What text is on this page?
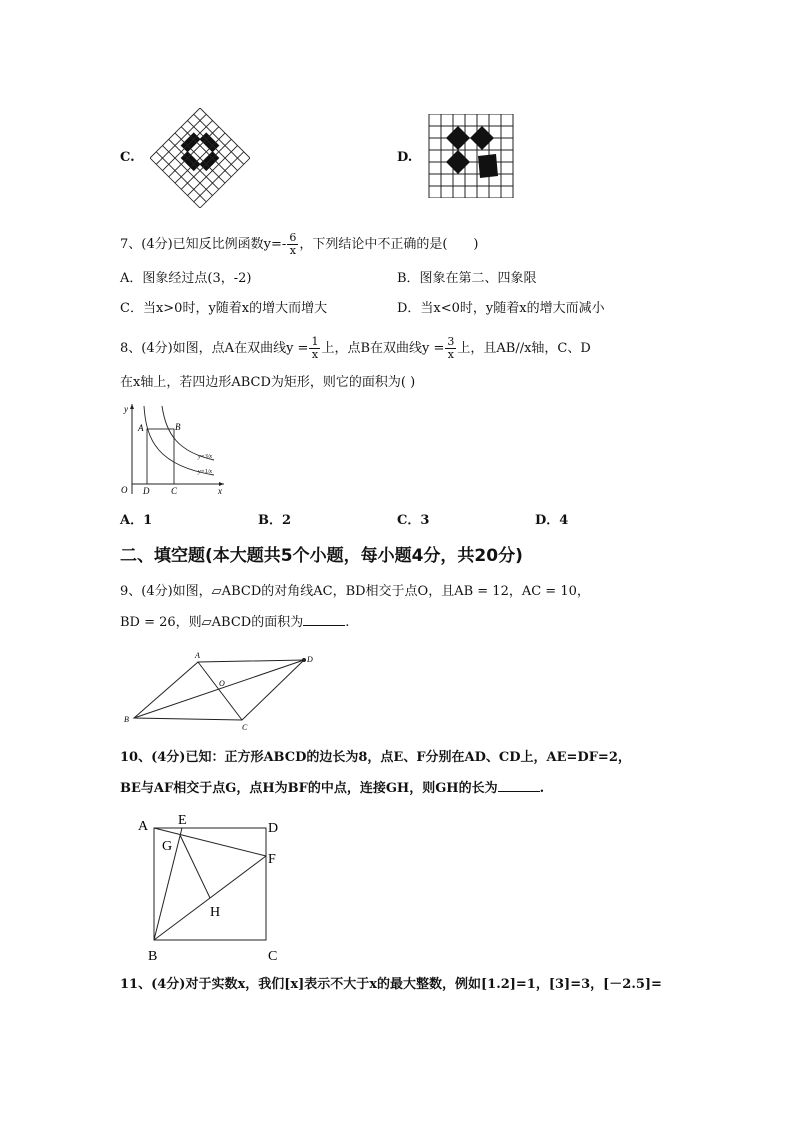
C.	D.
7、(4分)已知反比例函数$y=- \frac{6}{x}$ ，下列结论中不正确的是(　　)
A．图象经过点(3，-2)	B．图象在第二、四象限
C．当x>0时，y随着x的增大而增大	D．当x<0时，y随着x的增大而减小
8、(4分)如图，点A在双曲线$y = \frac{1}{x}$ 上，点B在双曲线$y = \frac{3}{x}$ 上，且AB//x轴，C、D
在x轴上，若四边形ABCD为矩形，则它的面积为( )
y
x
O
A	B
D C
y=3/x
y=1/x
A．1	B．2	C．3	D．4
二、填空题(本大题共5个小题，每小题4分，共20分)
9、(4分)如图，▱ABCD的对角线AC，BD相交于点O，且AB = 12，AC = 10，
BD = 26，则▱ABCD的面积为	.
A	D
B
C
O
10、(4分)已知：正方形ABCD的边长为8，点E、F分别在AD、CD上，AE=DF=2，
BE与AF相交于点G，点H为BF的中点，连接GH，则GH的长为	.
A E
D
G
F
H
B	C
11、(4分)对于实数x，我们[x]表示不大于x的最大整数，例如[1.2]=1，[3]=3，[－2.5]=
